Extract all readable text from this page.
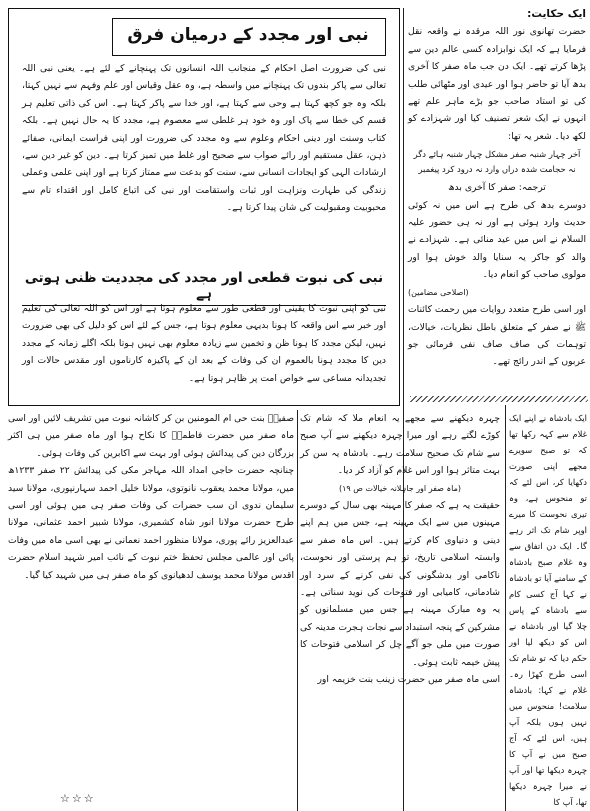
ایک حکایت:

حضرت تھانوی نور اللہ مرقدہ نے واقعہ نقل فرمایا ہے کہ ایک نوابزادہ کسی عالم دین سے پڑھا کرتے تھے۔ ایک دن جب ماہ صفر کا آخری بدھ آیا تو حاضر ہوا اور عیدی اور مٹھائی طلب کی تو استاد صاحب جو بڑے ماہر علم تھے انہوں نے ایک شعر تصنیف کیا اور شہزادے کو لکھ دیا۔ شعر یہ تھا:

آخر چہار شنبہ صفر مشکل چہار شنبہ ہائے دگر
نہ حجامت شدہ دراں وارد نہ درود کرد پیغمبر
ترجمہ: صفر کا آخری بدھ

دوسرے بدھ کی طرح ہے اس میں نہ کوئی حدیث وارد ہوئی ہے اور نہ ہی حضور علیہ السلام نے اس میں عید منائی ہے۔ شہزادے نے والد کو جاکر یہ سنایا والد خوش ہوا اور مولوی صاحب کو انعام دیا۔

(اصلاحی مضامین)

اور اسی طرح متعدد روایات میں رحمت کائنات ﷺ نے صفر کے متعلق باطل نظریات، خیالات، توہمات کی صاف صاف نفی فرمائی جو عربوں کے اندر رائج تھے۔

نبی اور مجدد کے درمیان فرق

نبی کی ضرورت اصل احکام کے منجانب اللہ انسانوں تک پہنچانے کے لئے ہے۔ یعنی نبی اللہ تعالی سے پاکر بندوں تک پہنچانے میں واسطہ ہے، وہ عقل وقیاس اور علم وفہم سے نہیں کہتا، بلکہ وہ جو کچھ کہتا ہے وحی سے کہتا ہے، اور خدا سے پاکر کہتا ہے۔ اس کی ذاتی تعلیم ہر قسم کی خطا سے پاک اور وہ خود ہر غلطی سے معصوم ہے، مجدد کا یہ حال نہیں ہے۔ بلکہ کتاب وسنت اور دینی احکام وعلوم سے وہ مجدد کی ضرورت اور اپنی فراست ایمانی، صفائے ذہن، عقل مستقیم اور رائے صواب سے صحیح اور غلط میں تمیز کرتا ہے۔ دین کو غیر دین سے، ارشادات الہی کو ایجادات انسانی سے، سنت کو بدعت سے ممتاز کرتا ہے اور اپنی علمی وعملی زندگی کی طہارت ونزاہت اور ثبات واستقامت اور نبی کی اتباع کامل اور اقتداء تام سے محبوبیت ومقبولیت کی شان پیدا کرتا ہے۔

نبی کی نبوت قطعی اور مجدد کی مجددیت ظنی ہوتی ہے

نبی کو اپنی نبوت کا یقینی اور قطعی طور سے معلوم ہوتا ہے اور اس کو اللہ تعالی کی تعلیم اور خبر سے اس واقعہ کا ہونا بدیہی معلوم ہوتا ہے، جس کے لئے اس کو دلیل کی بھی ضرورت نہیں، لیکن مجدد کا ہونا ظن و تخمین سے زیادہ معلوم بھی نہیں ہوتا بلکہ اگلے زمانہ کے مجدد دین کا مجدد ہونا بالعموم ان کی وفات کے بعد ان کے پاکیزہ کارناموں اور مقدس حالات اور تجدیدانہ مساعی سے خواص امت پر ظاہر ہوتا ہے۔

ایک بادشاہ نے اپنے ایک غلام سے کہہ رکھا تھا کہ تو صبح سویرے مجھے اپنی صورت دکھایا کر، اس لئے کہ تو منحوس ہے، وہ تیری نحوست کا میرے اوپر شام تک اثر رہے گا۔ ایک دن اتفاق سے وہ غلام صبح بادشاہ کے سامنے آیا تو بادشاہ نے کہا آج کسی کام سے بادشاہ کے پاس چلا گیا اور بادشاہ نے اس کو دیکھ لیا اور حکم دیا کہ تو شام تک اسی طرح کھڑا رہ۔ غلام نے کہا: بادشاہ سلامت! منحوس میں نہیں ہوں بلکہ آپ ہیں، اس لئے کہ آج صبح میں نے آپ کا چہرہ دیکھا تھا اور آپ نے میرا چہرہ دیکھا تھا، آپ کا

چہرہ دیکھنے سے مجھے یہ انعام ملا کہ شام تک کوڑے لگتے رہے اور میرا چہرہ دیکھنے سے آپ صبح سے شام تک صحیح سلامت رہے۔ بادشاہ یہ سن کر بہت متاثر ہوا اور اس غلام کو آزاد کر دیا۔

(ماہ صفر اور جاہلانہ خیالات ص ۱۹)

حقیقت یہ ہے کہ صفر کا مہینہ بھی سال کے دوسرے مہینوں میں سے ایک مہینہ ہے، جس میں ہم اپنے دینی و دنیاوی کام کرتے ہیں۔ اس ماہ صفر سے وابستہ اسلامی تاریخ، تو ہم پرستی اور نحوست، ناکامی اور بدشگونی کی نفی کرنے کے سرد اور شادمانی، کامیابی اور فتوحات کی نوید سناتی ہے۔ یہ وہ مبارک مہینہ ہے جس میں مسلمانوں کو مشرکین کے پنجہ استبداد سے نجات ہجرت مدینہ کی صورت میں ملی جو آگے چل کر اسلامی فتوحات کا پیش خیمہ ثابت ہوئی۔

اسی ماہ صفر میں حضرت زینب بنت خزیمہ اور

صفیہؓ بنت حی ام المومنین بن کر کاشانہ نبوت میں تشریف لائیں اور اسی ماہ صفر میں حضرت فاطمہؓ کا نکاح ہوا اور ماہ صفر میں ہی اکثر بزرگان دین کی پیدائش ہوئی اور بہت سے اکابرین کی وفات ہوئی۔

چنانچہ حضرت حاجی امداد اللہ مہاجر مکی کی پیدائش ۲۲ صفر ۱۲۳۳ھ میں، مولانا محمد یعقوب نانوتوی، مولانا خلیل احمد سہارنپوری، مولانا سید سلیمان ندوی ان سب حضرات کی وفات صفر ہی میں ہوئی اور اسی طرح حضرت مولانا انور شاہ کشمیری، مولانا شبیر احمد عثمانی، مولانا عبدالعزیز رائے پوری، مولانا منظور احمد نعمانی نے بھی اسی ماہ میں وفات پائی اور عالمی مجلس تحفظ ختم نبوت کے نائب امیر شہید اسلام حضرت اقدس مولانا محمد یوسف لدھیانوی کو ماہ صفر ہی میں شہید کیا گیا۔

☆☆☆
